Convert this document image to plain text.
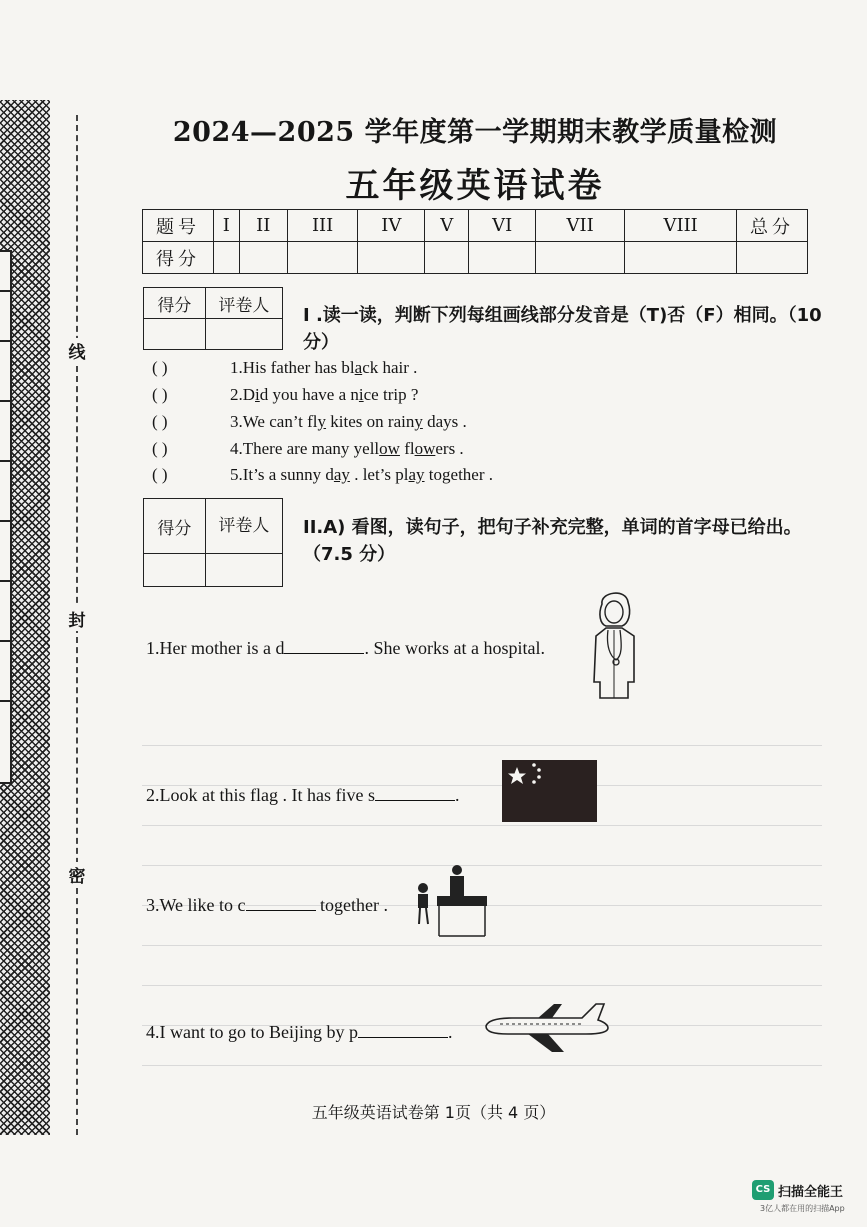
线
封
密
2024—2025 学年度第一学期期末教学质量检测
五年级英语试卷
题号	I	II	III	IV	V	VI	VII	VIII	总分
得分									
得分	评卷人
	I .读一读，判断下列每组画线部分发音是（T)否（F）相同。（10 分）
( )	1.His father has black hair .
( )	2.Did you have a nice trip ?
( )	3.We can’t fly kites on rainy days .
( )	4.There are many yellow flowers .
( )	5.It’s a sunny day . let’s play together .
得分	评卷人
	II.A) 看图，读句子，把句子补充完整，单词的首字母已给出。（7.5 分）
1.Her mother is a d	. She works at a hospital.
2.Look at this flag . It has five s	.
3.We like to c	together .
4.I want to go to Beijing by p	.
五年级英语试卷第 1页（共 4 页）
CS 扫描全能王
3亿人都在用的扫描App
